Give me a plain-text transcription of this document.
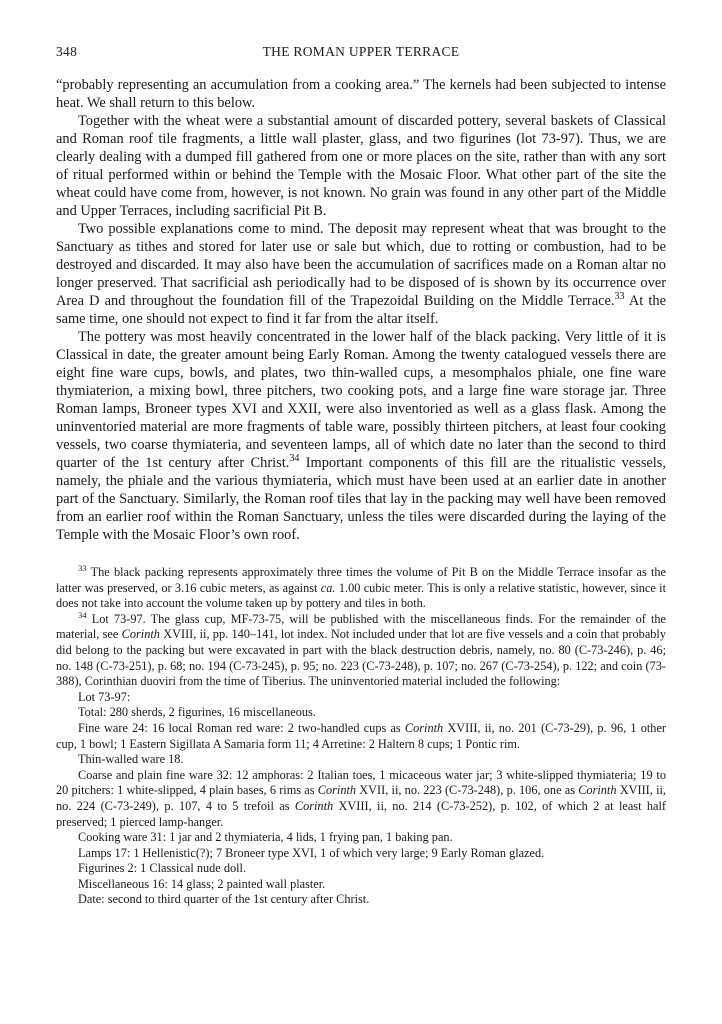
348	THE ROMAN UPPER TERRACE

“probably representing an accumulation from a cooking area.” The kernels had been subjected to intense heat. We shall return to this below.

Together with the wheat were a substantial amount of discarded pottery, several baskets of Classical and Roman roof tile fragments, a little wall plaster, glass, and two figurines (lot 73-97). Thus, we are clearly dealing with a dumped fill gathered from one or more places on the site, rather than with any sort of ritual performed within or behind the Temple with the Mosaic Floor. What other part of the site the wheat could have come from, however, is not known. No grain was found in any other part of the Middle and Upper Terraces, including sacrificial Pit B.

Two possible explanations come to mind. The deposit may represent wheat that was brought to the Sanctuary as tithes and stored for later use or sale but which, due to rotting or combustion, had to be destroyed and discarded. It may also have been the accumulation of sacrifices made on a Roman altar no longer preserved. That sacrificial ash periodically had to be disposed of is shown by its occurrence over Area D and throughout the foundation fill of the Trapezoidal Building on the Middle Terrace.$^{33}$ At the same time, one should not expect to find it far from the altar itself.

The pottery was most heavily concentrated in the lower half of the black packing. Very little of it is Classical in date, the greater amount being Early Roman. Among the twenty catalogued vessels there are eight fine ware cups, bowls, and plates, two thin-walled cups, a mesomphalos phiale, one fine ware thymiaterion, a mixing bowl, three pitchers, two cooking pots, and a large fine ware storage jar. Three Roman lamps, Broneer types XVI and XXII, were also inventoried as well as a glass flask. Among the uninventoried material are more fragments of table ware, possibly thirteen pitchers, at least four cooking vessels, two coarse thymiateria, and seventeen lamps, all of which date no later than the second to third quarter of the 1st century after Christ.$^{34}$ Important components of this fill are the ritualistic vessels, namely, the phiale and the various thymiateria, which must have been used at an earlier date in another part of the Sanctuary. Similarly, the Roman roof tiles that lay in the packing may well have been removed from an earlier roof within the Roman Sanctuary, unless the tiles were discarded during the laying of the Temple with the Mosaic Floor’s own roof.

$^{33}$ The black packing represents approximately three times the volume of Pit B on the Middle Terrace insofar as the latter was preserved, or 3.16 cubic meters, as against ca. 1.00 cubic meter. This is only a relative statistic, however, since it does not take into account the volume taken up by pottery and tiles in both.

$^{34}$ Lot 73-97. The glass cup, MF-73-75, will be published with the miscellaneous finds. For the remainder of the material, see Corinth XVIII, ii, pp. 140–141, lot index. Not included under that lot are five vessels and a coin that probably did belong to the packing but were excavated in part with the black destruction debris, namely, no. 80 (C-73-246), p. 46; no. 148 (C-73-251), p. 68; no. 194 (C-73-245), p. 95; no. 223 (C-73-248), p. 107; no. 267 (C-73-254), p. 122; and coin (73-388), Corinthian duoviri from the time of Tiberius. The uninventoried material included the following:

Lot 73-97:

Total: 280 sherds, 2 figurines, 16 miscellaneous.

Fine ware 24: 16 local Roman red ware: 2 two-handled cups as Corinth XVIII, ii, no. 201 (C-73-29), p. 96, 1 other cup, 1 bowl; 1 Eastern Sigillata A Samaria form 11; 4 Arretine: 2 Haltern 8 cups; 1 Pontic rim.

Thin-walled ware 18.

Coarse and plain fine ware 32: 12 amphoras: 2 Italian toes, 1 micaceous water jar; 3 white-slipped thymiateria; 19 to 20 pitchers: 1 white-slipped, 4 plain bases, 6 rims as Corinth XVII, ii, no. 223 (C-73-248), p. 106, one as Corinth XVIII, ii, no. 224 (C-73-249), p. 107, 4 to 5 trefoil as Corinth XVIII, ii, no. 214 (C-73-252), p. 102, of which 2 at least half preserved; 1 pierced lamp-hanger.

Cooking ware 31: 1 jar and 2 thymiateria, 4 lids, 1 frying pan, 1 baking pan.

Lamps 17: 1 Hellenistic(?); 7 Broneer type XVI, 1 of which very large; 9 Early Roman glazed.

Figurines 2: 1 Classical nude doll.

Miscellaneous 16: 14 glass; 2 painted wall plaster.

Date: second to third quarter of the 1st century after Christ.
